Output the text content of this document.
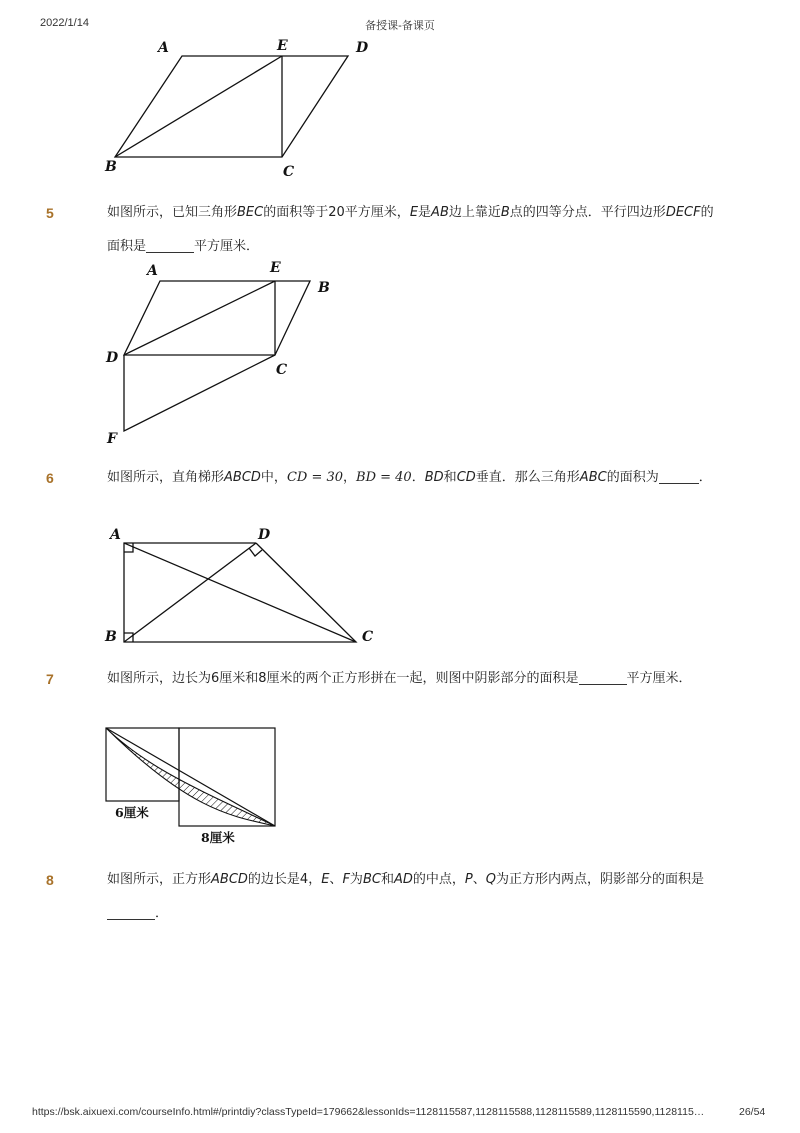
2022/1/14	备授课-备课页
A	E	D
B	C
5	如图所示，已知三角形BEC的面积等于20平方厘米，E是AB边上靠近B点的四等分点．平行四边形DECF的面积是	平方厘米．
A	E
B
D
C
F
6	如图所示，直角梯形ABCD中，CD = 30，BD = 40．BD和CD垂直．那么三角形ABC的面积为	．
A	D
B	C
7	如图所示，边长为6厘米和8厘米的两个正方形拼在一起，则图中阴影部分的面积是	平方厘米．
6厘米
8厘米
8	如图所示，正方形ABCD的边长是4，E、F为BC和AD的中点，P、Q为正方形内两点，阴影部分的面积是．
https://bsk.aixuexi.com/courseInfo.html#/printdiy?classTypeId=179662&lessonIds=1128115587,1128115588,1128115589,1128115590,1128115…	26/54
